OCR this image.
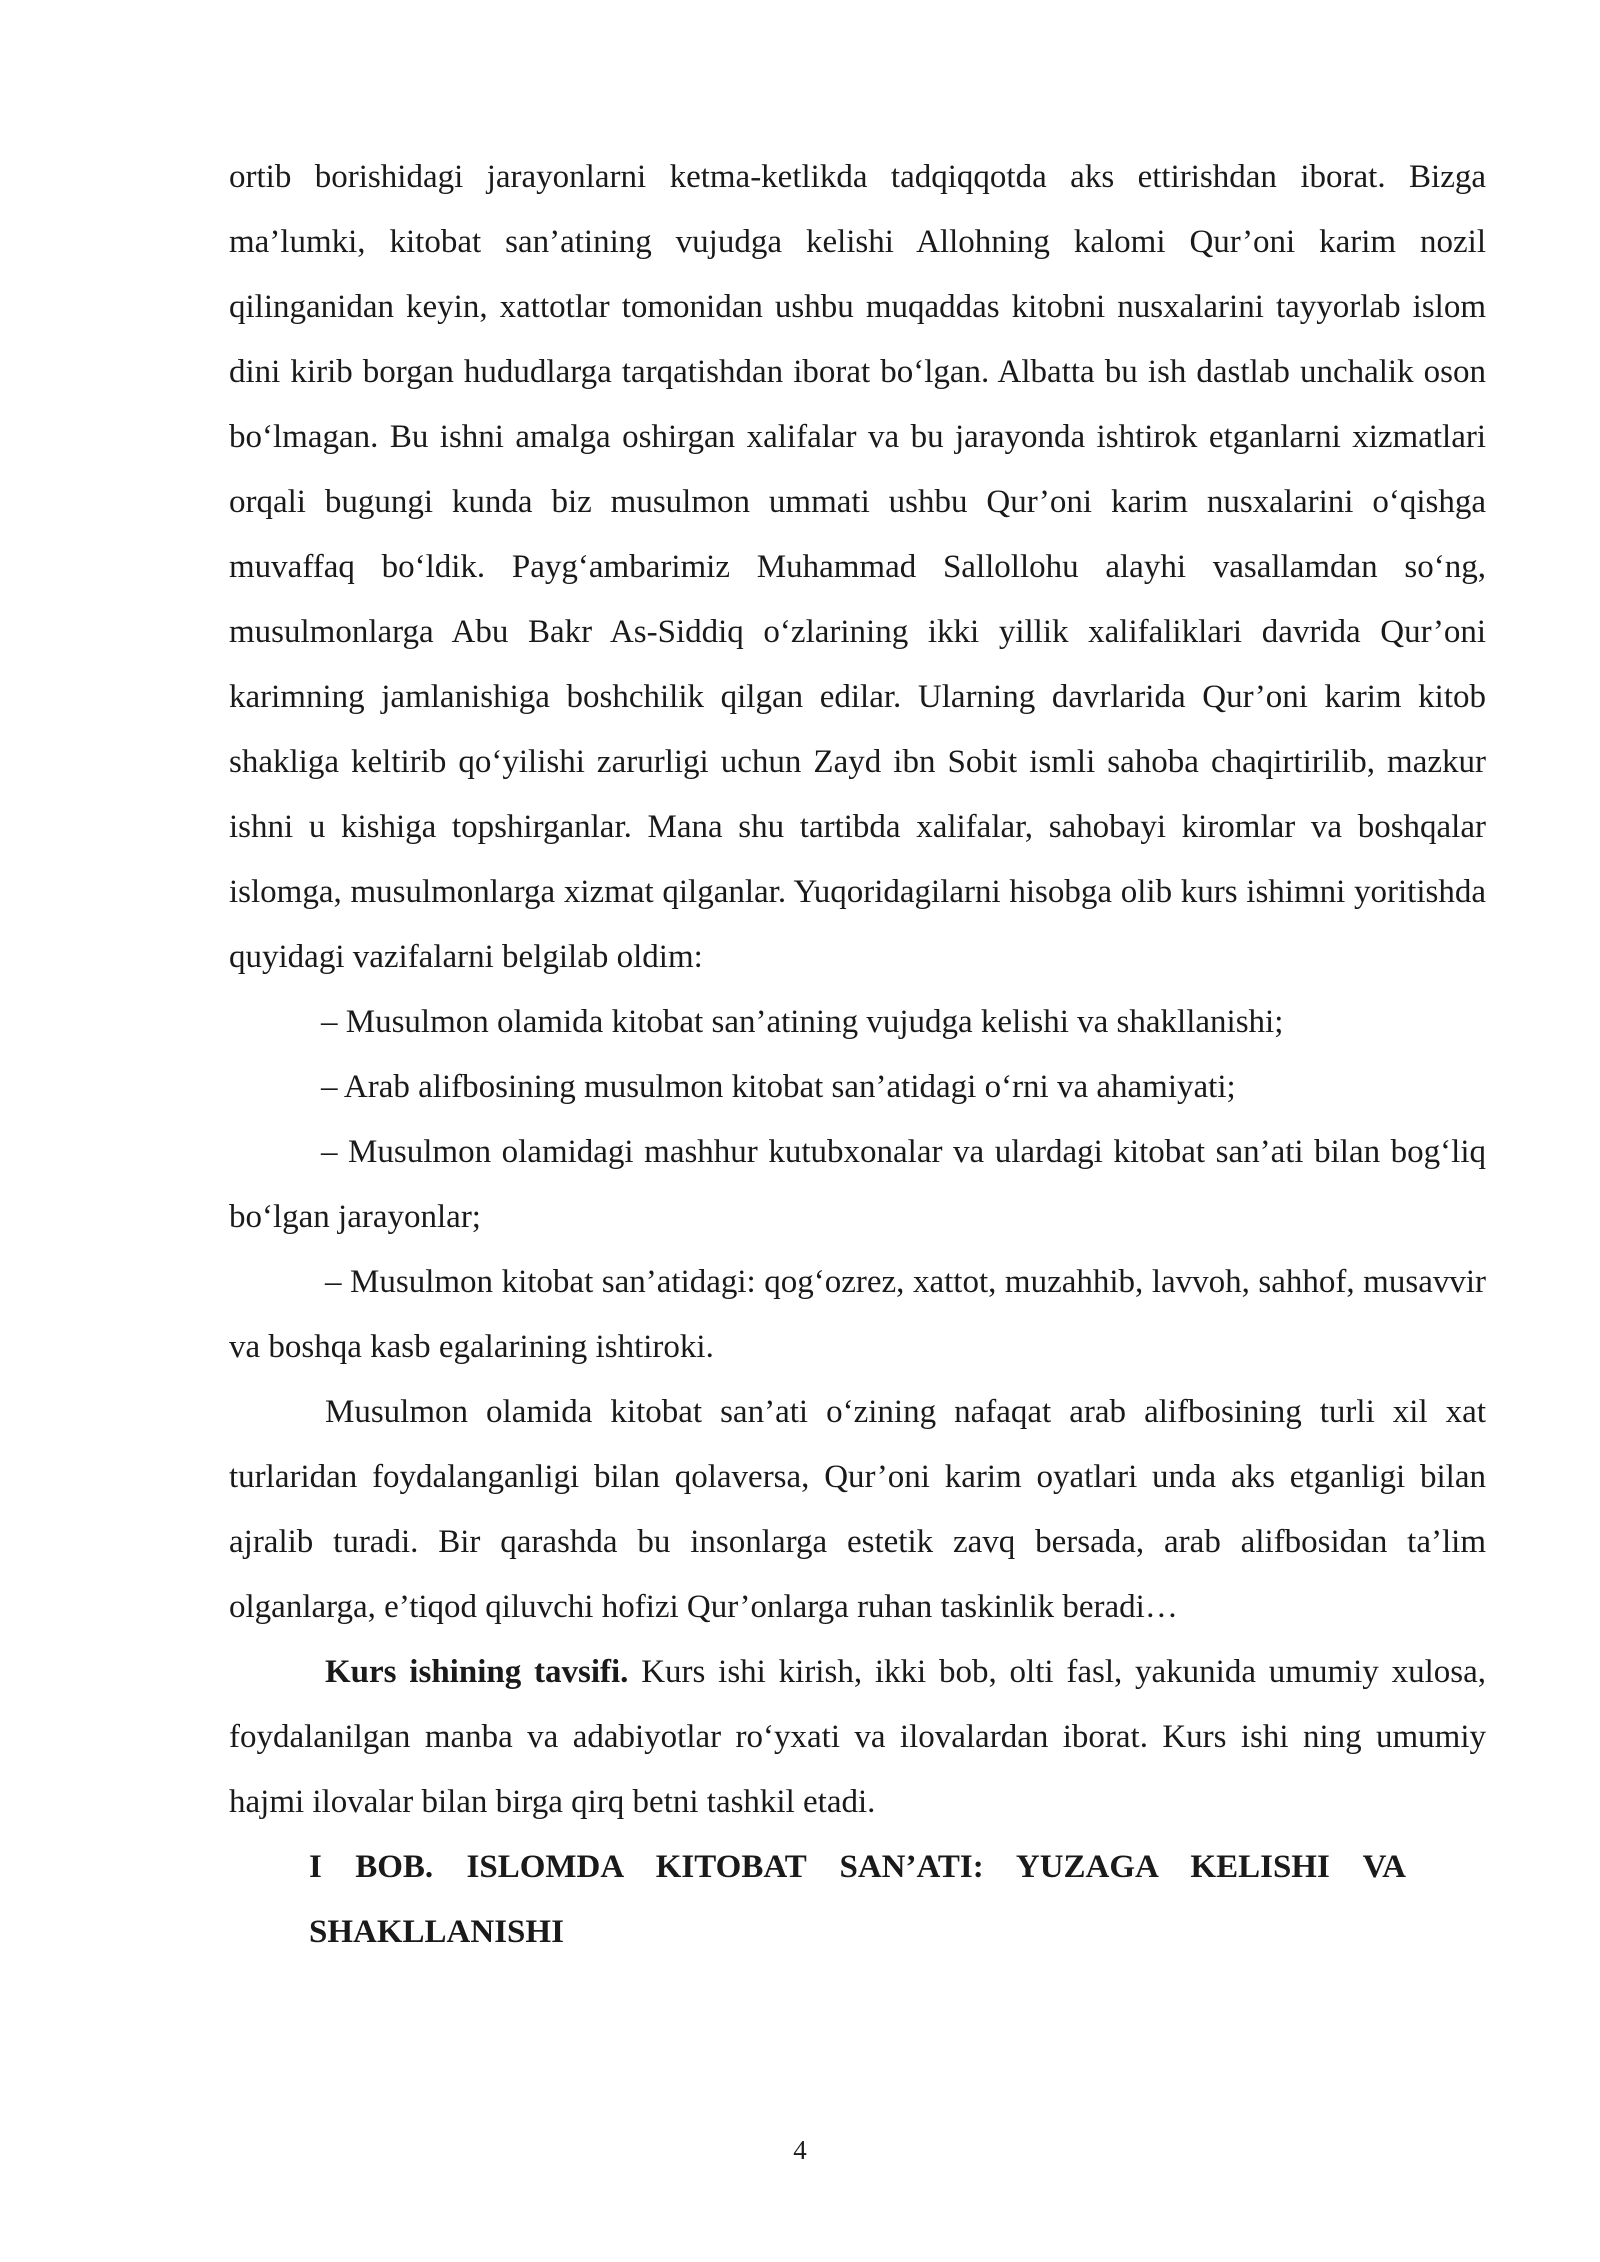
ortib borishidagi jarayonlarni ketma-ketlikda tadqiqqotda aks ettirishdan iborat. Bizga ma’lumki, kitobat san’atining vujudga kelishi Allohning kalomi Qur’oni karim nozil qilinganidan keyin, xattotlar tomonidan ushbu muqaddas kitobni nusxalarini tayyorlab islom dini kirib borgan hududlarga tarqatishdan iborat bo‘lgan. Albatta bu ish dastlab unchalik oson bo‘lmagan. Bu ishni amalga oshirgan xalifalar va bu jarayonda ishtirok etganlarni xizmatlari orqali bugungi kunda biz musulmon ummati ushbu Qur’oni karim nusxalarini o‘qishga muvaffaq bo‘ldik. Payg‘ambarimiz Muhammad Sallollohu alayhi vasallamdan so‘ng, musulmonlarga Abu Bakr As-Siddiq o‘zlarining ikki yillik xalifaliklari davrida Qur’oni karimning jamlanishiga boshchilik qilgan edilar. Ularning davrlarida Qur’oni karim kitob shakliga keltirib qo‘yilishi zarurligi uchun Zayd ibn Sobit ismli sahoba chaqirtirilib, mazkur ishni u kishiga topshirganlar. Mana shu tartibda xalifalar, sahobayi kiromlar va boshqalar islomga, musulmonlarga xizmat qilganlar. Yuqoridagilarni hisobga olib kurs ishimni yoritishda quyidagi vazifalarni belgilab oldim:

– Musulmon olamida kitobat san’atining vujudga kelishi va shakllanishi;

– Arab alifbosining musulmon kitobat san’atidagi o‘rni va ahamiyati;

– Musulmon olamidagi mashhur kutubxonalar va ulardagi kitobat san’ati bilan bog‘liq bo‘lgan jarayonlar;

– Musulmon kitobat san’atidagi: qog‘ozrez, xattot, muzahhib, lavvoh, sahhof, musavvir va boshqa kasb egalarining ishtiroki.

Musulmon olamida kitobat san’ati o‘zining nafaqat arab alifbosining turli xil xat turlaridan foydalanganligi bilan qolaversa, Qur’oni karim oyatlari unda aks etganligi bilan ajralib turadi. Bir qarashda bu insonlarga estetik zavq bersada, arab alifbosidan ta’lim olganlarga, e’tiqod qiluvchi hofizi Qur’onlarga ruhan taskinlik beradi…

Kurs ishining tavsifi. Kurs ishi kirish, ikki bob, olti fasl, yakunida umumiy xulosa, foydalanilgan manba va adabiyotlar ro‘yxati va ilovalardan iborat. Kurs ishi ning umumiy hajmi ilovalar bilan birga qirq betni tashkil etadi.

I BOB. ISLOMDA KITOBAT SAN’ATI: YUZAGA KELISHI VA SHAKLLANISHI

4
